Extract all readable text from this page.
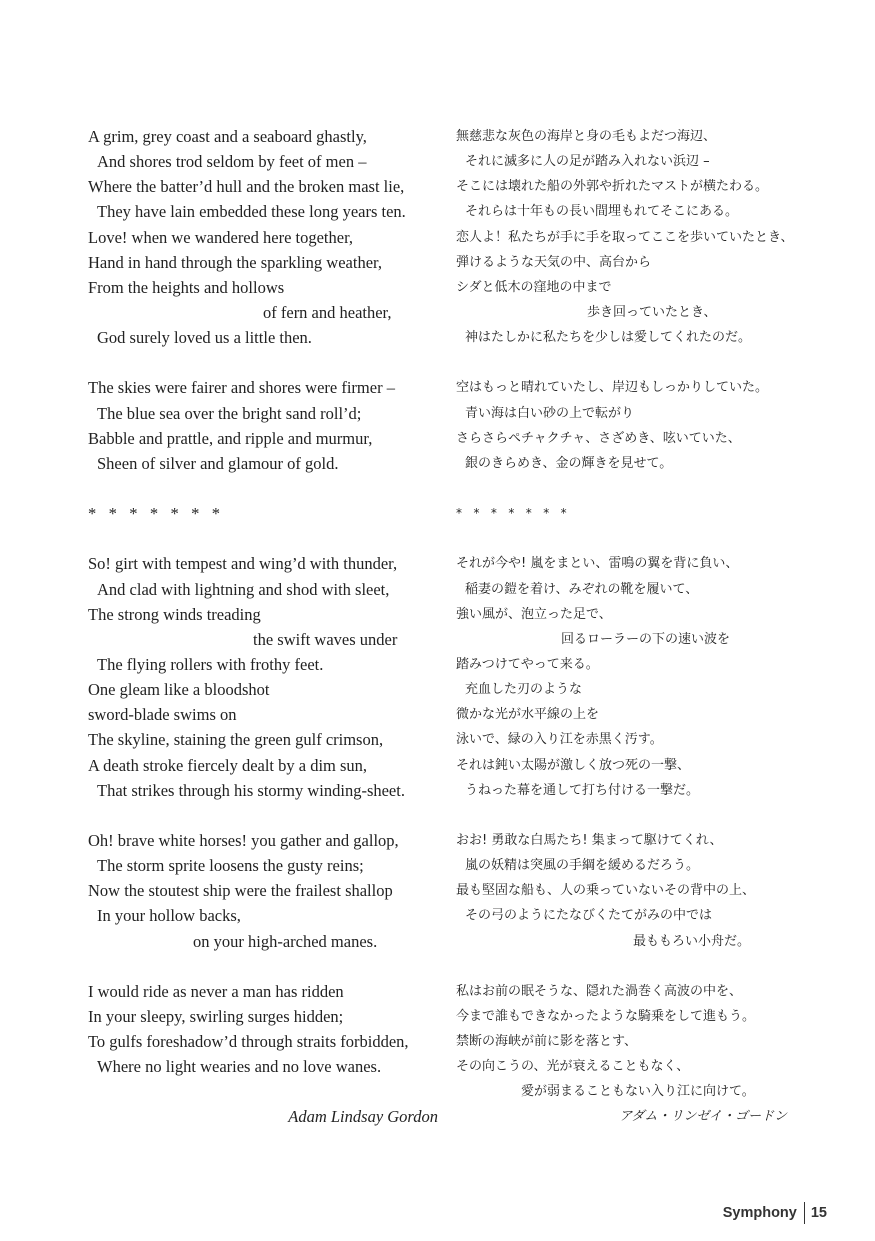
A grim, grey coast and a seaboard ghastly,
And shores trod seldom by feet of men –
Where the batter’d hull and the broken mast lie,
They have lain embedded these long years ten.
Love! when we wandered here together,
Hand in hand through the sparkling weather,
From the heights and hollows
of fern and heather,
God surely loved us a little then.
The skies were fairer and shores were firmer –
The blue sea over the bright sand roll’d;
Babble and prattle, and ripple and murmur,
Sheen of silver and glamour of gold.
*   *   *   *   *   *   *
So! girt with tempest and wing’d with thunder,
And clad with lightning and shod with sleet,
The strong winds treading
the swift waves under
The flying rollers with frothy feet.
One gleam like a bloodshot
sword-blade swims on
The skyline, staining the green gulf crimson,
A death stroke fiercely dealt by a dim sun,
That strikes through his stormy winding-sheet.
Oh! brave white horses! you gather and gallop,
The storm sprite loosens the gusty reins;
Now the stoutest ship were the frailest shallop
In your hollow backs,
on your high-arched manes.
I would ride as never a man has ridden
In your sleepy, swirling surges hidden;
To gulfs foreshadow’d through straits forbidden,
Where no light wearies and no love wanes.
無慈悲な灰色の海岸と身の毛もよだつ海辺、
それに滅多に人の足が踏み入れない浜辺 –
そこには壊れた船の外郭や折れたマストが横たわる。
それらは十年もの長い間埋もれてそこにある。
恋人よ！私たちが手に手を取ってここを歩いていたとき、
弾けるような天気の中、高台から
シダと低木の窪地の中まで
歩き回っていたとき、
神はたしかに私たちを少しは愛してくれたのだ。
空はもっと晴れていたし、岸辺もしっかりしていた。
青い海は白い砂の上で転がり
さらさらペチャクチャ、さざめき、呟いていた、
銀のきらめき、金の輝きを見せて。
*   *   *   *   *   *   *
それが今や! 嵐をまとい、雷鳴の翼を背に負い、
稲妻の鎧を着け、みぞれの靴を履いて、
強い風が、泡立った足で、
回るローラーの下の速い波を
踏みつけてやって来る。
充血した刃のような
微かな光が水平線の上を
泳いで、緑の入り江を赤黒く汚す。
それは鈍い太陽が激しく放つ死の一撃、
うねった幕を通して打ち付ける一撃だ。
おお! 勇敢な白馬たち! 集まって駆けてくれ、
嵐の妖精は突風の手綱を緩めるだろう。
最も堅固な船も、人の乗っていないその背中の上、
その弓のようにたなびくたてがみの中では
最ももろい小舟だ。
私はお前の眠そうな、隠れた渦巻く高波の中を、
今まで誰もできなかったような騎乗をして進もう。
禁断の海峡が前に影を落とす、
その向こうの、光が衰えることもなく、
愛が弱まることもない入り江に向けて。
Adam Lindsay Gordon	アダム・リンゼイ・ゴードン
Symphony 15
